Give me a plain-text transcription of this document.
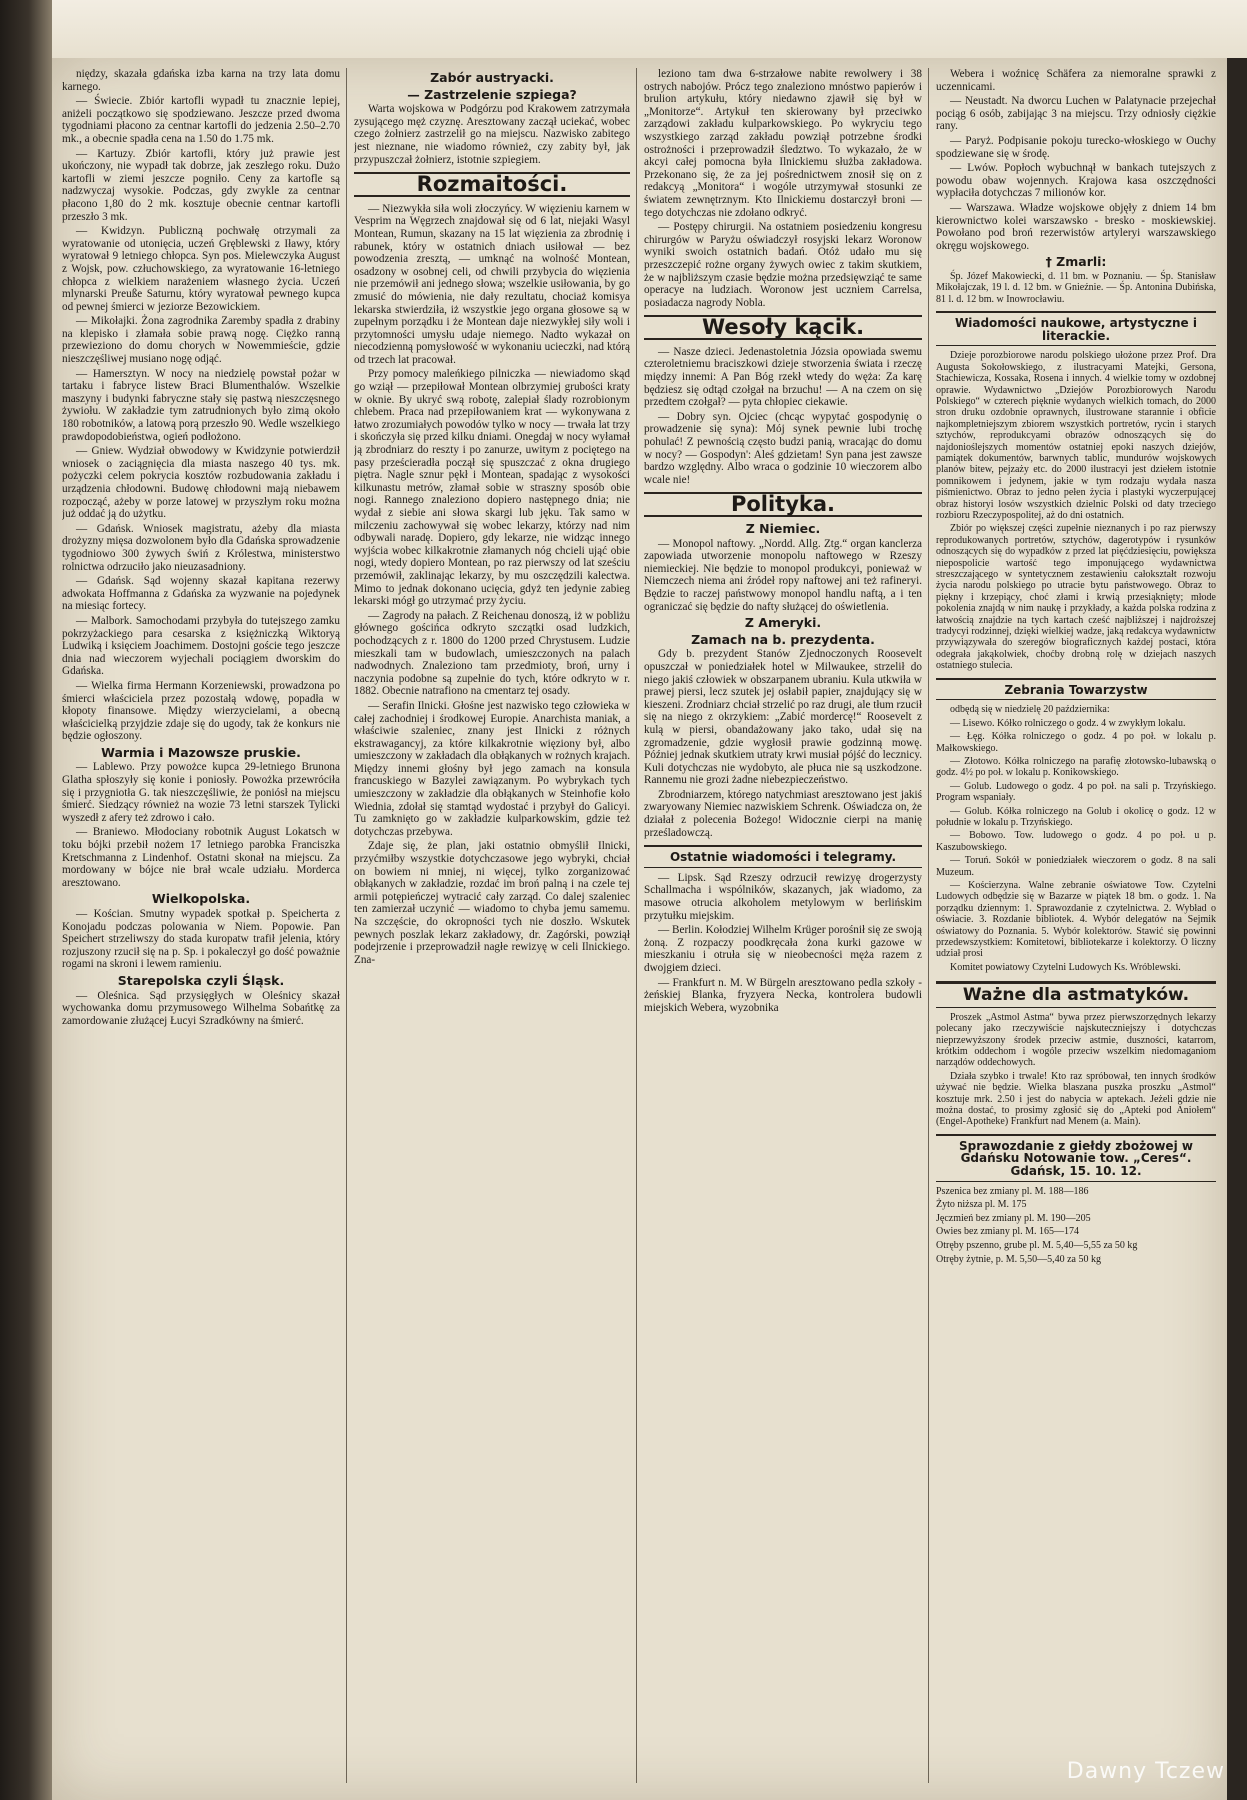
niędzy, skazała gdańska izba karna na trzy lata domu karnego.

— Świecie. Zbiór kartofli wypadł tu znacznie lepiej, aniżeli początkowo się spodziewano. Jeszcze przed dwoma tygodniami płacono za centnar kartofli do jedzenia 2.50–2.70 mk., a obecnie spadła cena na 1.50 do 1.75 mk.

— Kartuzy. Zbiór kartofli, który już prawie jest ukończony, nie wypadł tak dobrze, jak zeszłego roku. Dużo kartofli w ziemi jeszcze pogniło. Ceny za kartofle są nadzwyczaj wysokie. Podczas, gdy zwykle za centnar płacono 1,80 do 2 mk. kosztuje obecnie centnar kartofli przeszło 3 mk.

— Kwidzyn. Publiczną pochwałę otrzymali za wyratowanie od utonięcia, uczeń Gręblewski z Iławy, który wyratował 9 letniego chłopca. Syn pos. Mielewczyka August z Wojsk, pow. człuchowskiego, za wyratowanie 16-letniego chłopca z wielkiem narażeniem własnego życia. Uczeń mlynarski Preuße Saturnu, który wyratował pewnego kupca od pewnej śmierci w jeziorze Bezowickiem.

— Mikołajki. Żona zagrodnika Zaremby spadła z drabiny na klepisko i złamała sobie prawą nogę. Ciężko ranną przewieziono do domu chorych w Nowemmieście, gdzie nieszczęśliwej musiano nogę odjąć.

— Hamersztyn. W nocy na niedzielę powstał pożar w tartaku i fabryce listew Braci Blumenthalów. Wszelkie maszyny i budynki fabryczne stały się pastwą nieszczęsnego żywiołu. W zakładzie tym zatrudnionych było zimą około 180 robotników, a latową porą przeszło 90. Wedle wszelkiego prawdopodobieństwa, ogień podłożono.

— Gniew. Wydział obwodowy w Kwidzynie potwierdził wniosek o zaciągnięcia dla miasta naszego 40 tys. mk. pożyczki celem pokrycia kosztów rozbudowania zakładu i urządzenia chłodowni. Budowę chłodowni mają niebawem rozpocząć, ażeby w porze latowej w przyszłym roku można już oddać ją do użytku.

— Gdańsk. Wniosek magistratu, ażeby dla miasta drożyzny mięsa dozwolonem było dla Gdańska sprowadzenie tygodniowo 300 żywych świń z Królestwa, ministerstwo rolnictwa odrzuciło jako nieuzasadniony.

— Gdańsk. Sąd wojenny skazał kapitana rezerwy adwokata Hoffmanna z Gdańska za wyzwanie na pojedynek na miesiąc fortecy.

— Malbork. Samochodami przybyła do tutejszego zamku pokrzyżackiego para cesarska z księżniczką Wiktoryą Ludwiką i księciem Joachimem. Dostojni goście tego jeszcze dnia nad wieczorem wyjechali pociągiem dworskim do Gdańska.

— Wielka firma Hermann Korzeniewski, prowadzona po śmierci właściciela przez pozostałą wdowę, popadła w kłopoty finansowe. Między wierzycielami, a obecną właścicielką przyjdzie zdaje się do ugody, tak że konkurs nie będzie ogłoszony.

Warmia i Mazowsze pruskie.

— Lablewo. Przy powożce kupca 29-letniego Brunona Glatha spłoszyły się konie i poniosły. Powożka przewróciła się i przygniotła G. tak nieszczęśliwie, że poniósł na miejscu śmierć. Siedzący również na wozie 73 letni starszek Tylicki wyszedł z afery też zdrowo i cało.

— Braniewo. Młodociany robotnik August Lokatsch w toku bójki przebił nożem 17 letniego parobka Franciszka Kretschmanna z Lindenhof. Ostatni skonał na miejscu. Za mordowany w bójce nie brał wcale udziału. Morderca aresztowano.

Wielkopolska.

— Kościan. Smutny wypadek spotkał p. Speicherta z Konojadu podczas polowania w Niem. Popowie. Pan Speichert strzeliwszy do stada kuropatw trafił jelenia, który rozjuszony rzucił się na p. Sp. i pokaleczył go dość poważnie rogami na skroni i lewem ramieniu.

Starepolska czyli Śląsk.

— Oleśnica. Sąd przysięgłych w Oleśnicy skazał wychowanka domu przymusowego Wilhelma Sobańtkę za zamordowanie złużącej Łucyi Szradkówny na śmierć.

Zabór austryacki.
— Zastrzelenie szpiega?

Warta wojskowa w Podgórzu pod Krakowem zatrzymała zysującego męż czyznę. Aresztowany zaczął uciekać, wobec czego żołnierz zastrzelił go na miejscu. Nazwisko zabitego jest nieznane, nie wiadomo również, czy zabity był, jak przypuszczał żołnierz, istotnie szpiegiem.

Rozmaitości.

— Niezwykła siła woli złoczyńcy. W więzieniu karnem w Vesprim na Węgrzech znajdował się od 6 lat, niejaki Wasyl Montean, Rumun, skazany na 15 lat więzienia za zbrodnię i rabunek, który w ostatnich dniach usiłował — bez powodzenia zresztą, — umknąć na wolność Montean, osadzony w osobnej celi, od chwili przybycia do więzienia nie przemówił ani jednego słowa; wszelkie usiłowania, by go zmusić do mówienia, nie dały rezultatu, chociaż komisya lekarska stwierdziła, iż wszystkie jego organa głosowe są w zupełnym porządku i że Montean daje niezwykłej siły woli i przytomności umysłu udaje niemego. Nadto wykazał on niecodzienną pomysłowość w wykonaniu ucieczki, nad którą od trzech lat pracował.

Przy pomocy maleńkiego pilniczka — niewiadomo skąd go wziął — przepiłował Montean olbrzymiej grubości kraty w oknie. By ukryć swą robotę, zalepiał ślady rozrobionym chlebem. Praca nad przepiłowaniem krat — wykonywana z łatwo zrozumiałych powodów tylko w nocy — trwała lat trzy i skończyła się przed kilku dniami. Onegdaj w nocy wyłamał ją zbrodniarz do reszty i po zanurze, uwitym z pociętego na pasy prześcieradła począł się spuszczać z okna drugiego piętra. Nagle sznur pękł i Montean, spadając z wysokości kilkunastu metrów, złamał sobie w straszny sposób obie nogi. Rannego znaleziono dopiero następnego dnia; nie wydał z siebie ani słowa skargi lub jęku. Tak samo w milczeniu zachowywał się wobec lekarzy, którzy nad nim odbywali naradę. Dopiero, gdy lekarze, nie widząc innego wyjścia wobec kilkakrotnie złamanych nóg chcieli ująć obie nogi, wtedy dopiero Montean, po raz pierwszy od lat sześciu przemówił, zaklinając lekarzy, by mu oszczędzili kalectwa. Mimo to jednak dokonano ucięcia, gdyż ten jedynie zabieg lekarski mógł go utrzymać przy życiu.

— Zagrody na pałach. Z Reichenau donoszą, iż w pobliżu głównego gościńca odkryto szczątki osad ludzkich, pochodzących z r. 1800 do 1200 przed Chrystusem. Ludzie mieszkali tam w budowlach, umieszczonych na palach nadwodnych. Znaleziono tam przedmioty, broń, urny i naczynia podobne są zupełnie do tych, które odkryto w r. 1882. Obecnie natrafiono na cmentarz tej osady.

— Serafin Ilnicki. Głośne jest nazwisko tego człowieka w całej zachodniej i środkowej Europie. Anarchista maniak, a właściwie szaleniec, znany jest Ilnicki z różnych ekstrawagancyj, za które kilkakrotnie więziony był, albo umieszczony w zakładach dla obłąkanych w rożnych krajach. Między innemi głośny był jego zamach na konsula francuskiego w Bazylei zawiązanym. Po wybrykach tych umieszczony w zakładzie dla obłąkanych w Steinhofie koło Wiednia, zdołał się stamtąd wydostać i przybył do Galicyi. Tu zamknięto go w zakładzie kulparkowskim, gdzie też dotychczas przebywa.

Zdaje się, że plan, jaki ostatnio obmyślił Ilnicki, przyćmiłby wszystkie dotychczasowe jego wybryki, chciał on bowiem ni mniej, ni więcej, tylko zorganizować obłąkanych w zakładzie, rozdać im broń palną i na czele tej armii potępieńczej wytracić cały zarząd. Co dalej szaleniec ten zamierzał uczynić — wiadomo to chyba jemu samemu. Na szczęście, do okropności tych nie doszło. Wskutek pewnych poszlak lekarz zakładowy, dr. Zagórski, powziął podejrzenie i przeprowadził nagłe rewizyę w celi Ilnickiego. Zna-

leziono tam dwa 6-strzałowe nabite rewolwery i 38 ostrych nabojów. Prócz tego znaleziono mnóstwo papierów i brulion artykułu, który niedawno zjawił się był w „Monitorze“. Artykuł ten skierowany był przeciwko zarządowi zakładu kulparkowskiego. Po wykryciu tego wszystkiego zarząd zakładu powziął potrzebne środki ostrożności i przeprowadził śledztwo. To wykazało, że w akcyi całej pomocna była Ilnickiemu służba zakładowa. Przekonano się, że za jej pośrednictwem znosił się on z redakcyą „Monitora“ i wogóle utrzymywał stosunki ze światem zewnętrznym. Kto Ilnickiemu dostarczył broni — tego dotychczas nie zdołano odkryć.

— Postępy chirurgii. Na ostatniem posiedzeniu kongresu chirurgów w Paryżu oświadczył rosyjski lekarz Woronow wyniki swoich ostatnich badań. Otóż udało mu się przeszczepić rożne organy żywych owiec z takim skutkiem, że w najbliższym czasie będzie można przedsięwziąć te same operacye na ludziach. Woronow jest uczniem Carrelsa, posiadacza nagrody Nobla.

Wesoły kącik.

— Nasze dzieci. Jedenastoletnia Józsia opowiada swemu czteroletniemu braciszkowi dzieje stworzenia świata i rzeczę między innemi: A Pan Bóg rzekł wtedy do węża: Za karę będziesz się odtąd czołgał na brzuchu! — A na czem on się przedtem czołgał? — pyta chłopiec ciekawie.

— Dobry syn. Ojciec (chcąc wypytać gospodynię o prowadzenie się syna): Mój synek pewnie lubi trochę pohulać! Z pewnością często budzi panią, wracając do domu w nocy? — Gospodyn': Aleś gdzietam! Syn pana jest zawsze bardzo względny. Albo wraca o godzinie 10 wieczorem albo wcale nie!

Polityka.
Z Niemiec.

— Monopol naftowy. „Nordd. Allg. Ztg.“ organ kanclerza zapowiada utworzenie monopolu naftowego w Rzeszy niemieckiej. Nie będzie to monopol produkcyi, ponieważ w Niemczech niema ani źródeł ropy naftowej ani też rafineryi. Będzie to raczej państwowy monopol handlu naftą, a i ten ograniczać się będzie do nafty służącej do oświetlenia.

Z Ameryki.
Zamach na b. prezydenta.

Gdy b. prezydent Stanów Zjednoczonych Roosevelt opuszczał w poniedziałek hotel w Milwaukee, strzelił do niego jakiś człowiek w obszarpanem ubraniu. Kula utkwiła w prawej piersi, lecz szutek jej osłabił papier, znajdujący się w kieszeni. Zrodniarz chciał strzelić po raz drugi, ale tłum rzucił się na niego z okrzykiem: „Zabić mordercę!“ Roosevelt z kulą w piersi, obandażowany jako tako, udał się na zgromadzenie, gdzie wygłosił prawie godzinną mowę. Później jednak skutkiem utraty krwi musiał pójść do lecznicy. Kuli dotychczas nie wydobyto, ale płuca nie są uszkodzone. Rannemu nie grozi żadne niebezpieczeństwo.

Zbrodniarzem, którego natychmiast aresztowano jest jakiś zwaryowany Niemiec nazwiskiem Schrenk. Oświadcza on, że działał z polecenia Bożego! Widocznie cierpi na manię prześladowczą.

Ostatnie wiadomości i telegramy.

— Lipsk. Sąd Rzeszy odrzucił rewizyę drogerzysty Schallmacha i wspólników, skazanych, jak wiadomo, za masowe otrucia alkoholem metylowym w berlińskim przytułku miejskim.

— Berlin. Kołodziej Wilhelm Krüger porośnił się ze swoją żoną. Z rozpaczy poodkręcała żona kurki gazowe w mieszkaniu i otruła się w nieobecności męża razem z dwojgiem dzieci.

— Frankfurt n. M. W Bürgeln aresztowano pedla szkoły - żeńskiej Blanka, fryzyera Necka, kontrolera budowli miejskich Webera, wyzobnika

Webera i woźnicę Schäfera za niemoralne sprawki z uczennicami.

— Neustadt. Na dworcu Luchen w Palatynacie przejechał pociąg 6 osób, zabijając 3 na miejscu. Trzy odniosły ciężkie rany.

— Paryż. Podpisanie pokoju turecko-włoskiego w Ouchy spodziewane się w środę.

— Lwów. Popłoch wybuchnął w bankach tutejszych z powodu obaw wojennych. Krajowa kasa oszczędności wypłaciła dotychczas 7 milionów kor.

— Warszawa. Władze wojskowe objęły z dniem 14 bm kierownictwo kolei warszawsko - bresko - moskiewskiej. Powołano pod broń rezerwistów artyleryi warszawskiego okręgu wojskowego.

† Zmarli:

Śp. Józef Makowiecki, d. 11 bm. w Poznaniu. — Śp. Stanisław Mikołajczak, 19 l. d. 12 bm. w Gnieźnie. — Śp. Antonina Dubińska, 81 l. d. 12 bm. w Inowrocławiu.

Wiadomości naukowe, artystyczne i literackie.

Dzieje porozbiorowe narodu polskiego ułożone przez Prof. Dra Augusta Sokołowskiego, z ilustracyami Matejki, Gersona, Stachiewicza, Kossaka, Rosena i innych. 4 wielkie tomy w ozdobnej oprawie. Wydawnictwo „Dziejów Porozbiorowych Narodu Polskiego“ w czterech pięknie wydanych wielkich tomach, do 2000 stron druku ozdobnie oprawnych, ilustrowane starannie i obficie najkompletniejszym zbiorem wszystkich portretów, rycin i starych sztychów, reprodukcyami obrazów odnoszących się do najdonioślejszych momentów ostatniej epoki naszych dziejów, pamiątek dokumentów, barwnych tablic, mundurów wojskowych planów bitew, pejzaży etc. do 2000 ilustracyi jest dziełem istotnie pomnikowem i jedynem, jakie w tym rodzaju wydała nasza piśmienictwo. Obraz to jedno pełen życia i plastyki wyczerpującej obraz historyi losów wszystkich dzielnic Polski od daty trzeciego rozbioru Rzeczypospolitej, aż do dni ostatnich.

Zbiór po większej części zupełnie nieznanych i po raz pierwszy reprodukowanych portretów, sztychów, dagerotypów i rysunków odnoszących się do wypadków z przed lat pięćdziesięciu, powiększa niepospolicie wartość tego imponującego wydawnictwa streszczającego w syntetycznem zestawieniu całokształt rozwoju życia narodu polskiego po utracie bytu państwowego. Obraz to piękny i krzepiący, choć złami i krwią przesiąknięty; młode pokolenia znajdą w nim naukę i przykłady, a każda polska rodzina z łatwością znajdzie na tych kartach cześć najbliższej i najdroższej tradycyi rodzinnej, dzięki wielkiej wadze, jaką redakcya wydawnictw przywiązywała do szeregów biograficznych każdej postaci, która odegrała jakąkolwiek, choćby drobną rolę w dziejach naszych ostatniego stulecia.

Zebrania Towarzystw

odbędą się w niedzielę 20 października:

— Lisewo. Kółko rolniczego o godz. 4 w zwykłym lokalu.

— Łęg. Kółka rolniczego o godz. 4 po poł. w lokalu p. Małkowskiego.

— Złotowo. Kółka rolniczego na parafię złotowsko-lubawską o godz. 4½ po poł. w lokalu p. Konikowskiego.

— Golub. Ludowego o godz. 4 po poł. na sali p. Trzyńskiego. Program wspaniały.

— Golub. Kółka rolniczego na Golub i okolicę o godz. 12 w południe w lokalu p. Trzyńskiego.

— Bobowo. Tow. ludowego o godz. 4 po poł. u p. Kaszubowskiego.

— Toruń. Sokół w poniedziałek wieczorem o godz. 8 na sali Muzeum.

— Kościerzyna. Walne zebranie oświatowe Tow. Czytelni Ludowych odbędzie się w Bazarze w piątek 18 bm. o godz. 1. Na porządku dziennym: 1. Sprawozdanie z czytelnictwa. 2. Wybład o oświacie. 3. Rozdanie bibliotek. 4. Wybór delegatów na Sejmik oświatowy do Poznania. 5. Wybór kolektorów. Stawić się powinni przedewszystkiem: Komitetowi, bibliotekarze i kolektorzy. O liczny udział prosi

Komitet powiatowy Czytelni Ludowych Ks. Wróblewski.

Ważne dla astmatyków.

Proszek „Astmol Astma“ bywa przez pierwszorzędnych lekarzy polecany jako rzeczywiście najskuteczniejszy i dotychczas nieprzewyższony środek przeciw astmie, duszności, katarrom, krótkim oddechom i wogóle przeciw wszelkim niedomaganiom narządów oddechowych.

Działa szybko i trwale! Kto raz spróbował, ten innych środków używać nie będzie. Wielka blaszana puszka proszku „Astmol“ kosztuje mrk. 2.50 i jest do nabycia w aptekach. Jeżeli gdzie nie można dostać, to prosimy zgłosić się do „Apteki pod Aniołem“ (Engel-Apotheke) Frankfurt nad Menem (a. Main).

Sprawozdanie z giełdy zbożowej w Gdańsku Notowanie tow. „Ceres“. Gdańsk, 15. 10. 12.

Pszenica bez zmiany pl. M. 188—186

Żyto niższa pl. M. 175

Jęczmień bez zmiany pl. M. 190—205

Owies bez zmiany pl. M. 165—174

Otręby pszenno, grube pl. M. 5,40—5,55 za 50 kg

Otręby żytnie, p. M. 5,50—5,40 za 50 kg

Dawny Tczew
